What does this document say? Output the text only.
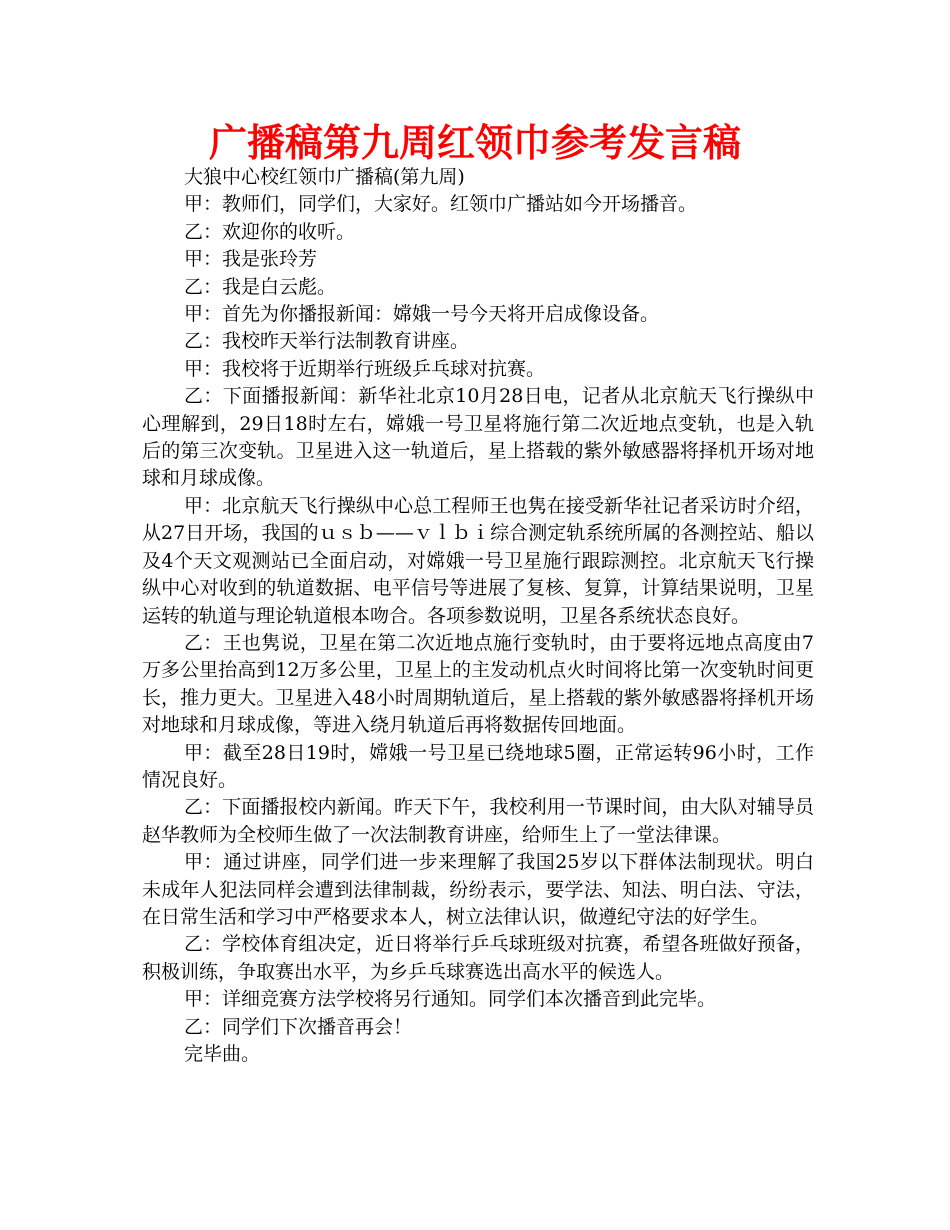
广播稿第九周红领巾参考发言稿

大狼中心校红领巾广播稿(第九周)

甲：教师们，同学们，大家好。红领巾广播站如今开场播音。

乙：欢迎你的收听。

甲：我是张玲芳

乙：我是白云彪。

甲：首先为你播报新闻：嫦娥一号今天将开启成像设备。

乙：我校昨天举行法制教育讲座。

甲：我校将于近期举行班级乒乓球对抗赛。

乙：下面播报新闻：新华社北京10月28日电，记者从北京航天飞行操纵中心理解到，29日18时左右，嫦娥一号卫星将施行第二次近地点变轨，也是入轨后的第三次变轨。卫星进入这一轨道后，星上搭载的紫外敏感器将择机开场对地球和月球成像。

甲：北京航天飞行操纵中心总工程师王也隽在接受新华社记者采访时介绍，从27日开场，我国的ｕｓｂ——ｖｌｂｉ综合测定轨系统所属的各测控站、船以及4个天文观测站已全面启动，对嫦娥一号卫星施行跟踪测控。北京航天飞行操纵中心对收到的轨道数据、电平信号等进展了复核、复算，计算结果说明，卫星运转的轨道与理论轨道根本吻合。各项参数说明，卫星各系统状态良好。

乙：王也隽说，卫星在第二次近地点施行变轨时，由于要将远地点高度由7万多公里抬高到12万多公里，卫星上的主发动机点火时间将比第一次变轨时间更长，推力更大。卫星进入48小时周期轨道后，星上搭载的紫外敏感器将择机开场对地球和月球成像，等进入绕月轨道后再将数据传回地面。

甲：截至28日19时，嫦娥一号卫星已绕地球5圈，正常运转96小时，工作情况良好。

乙：下面播报校内新闻。昨天下午，我校利用一节课时间，由大队对辅导员赵华教师为全校师生做了一次法制教育讲座，给师生上了一堂法律课。

甲：通过讲座，同学们进一步来理解了我国25岁以下群体法制现状。明白未成年人犯法同样会遭到法律制裁，纷纷表示，要学法、知法、明白法、守法，在日常生活和学习中严格要求本人，树立法律认识，做遵纪守法的好学生。

乙：学校体育组决定，近日将举行乒乓球班级对抗赛，希望各班做好预备，积极训练，争取赛出水平，为乡乒乓球赛选出高水平的候选人。

甲：详细竞赛方法学校将另行通知。同学们本次播音到此完毕。

乙：同学们下次播音再会！

完毕曲。
